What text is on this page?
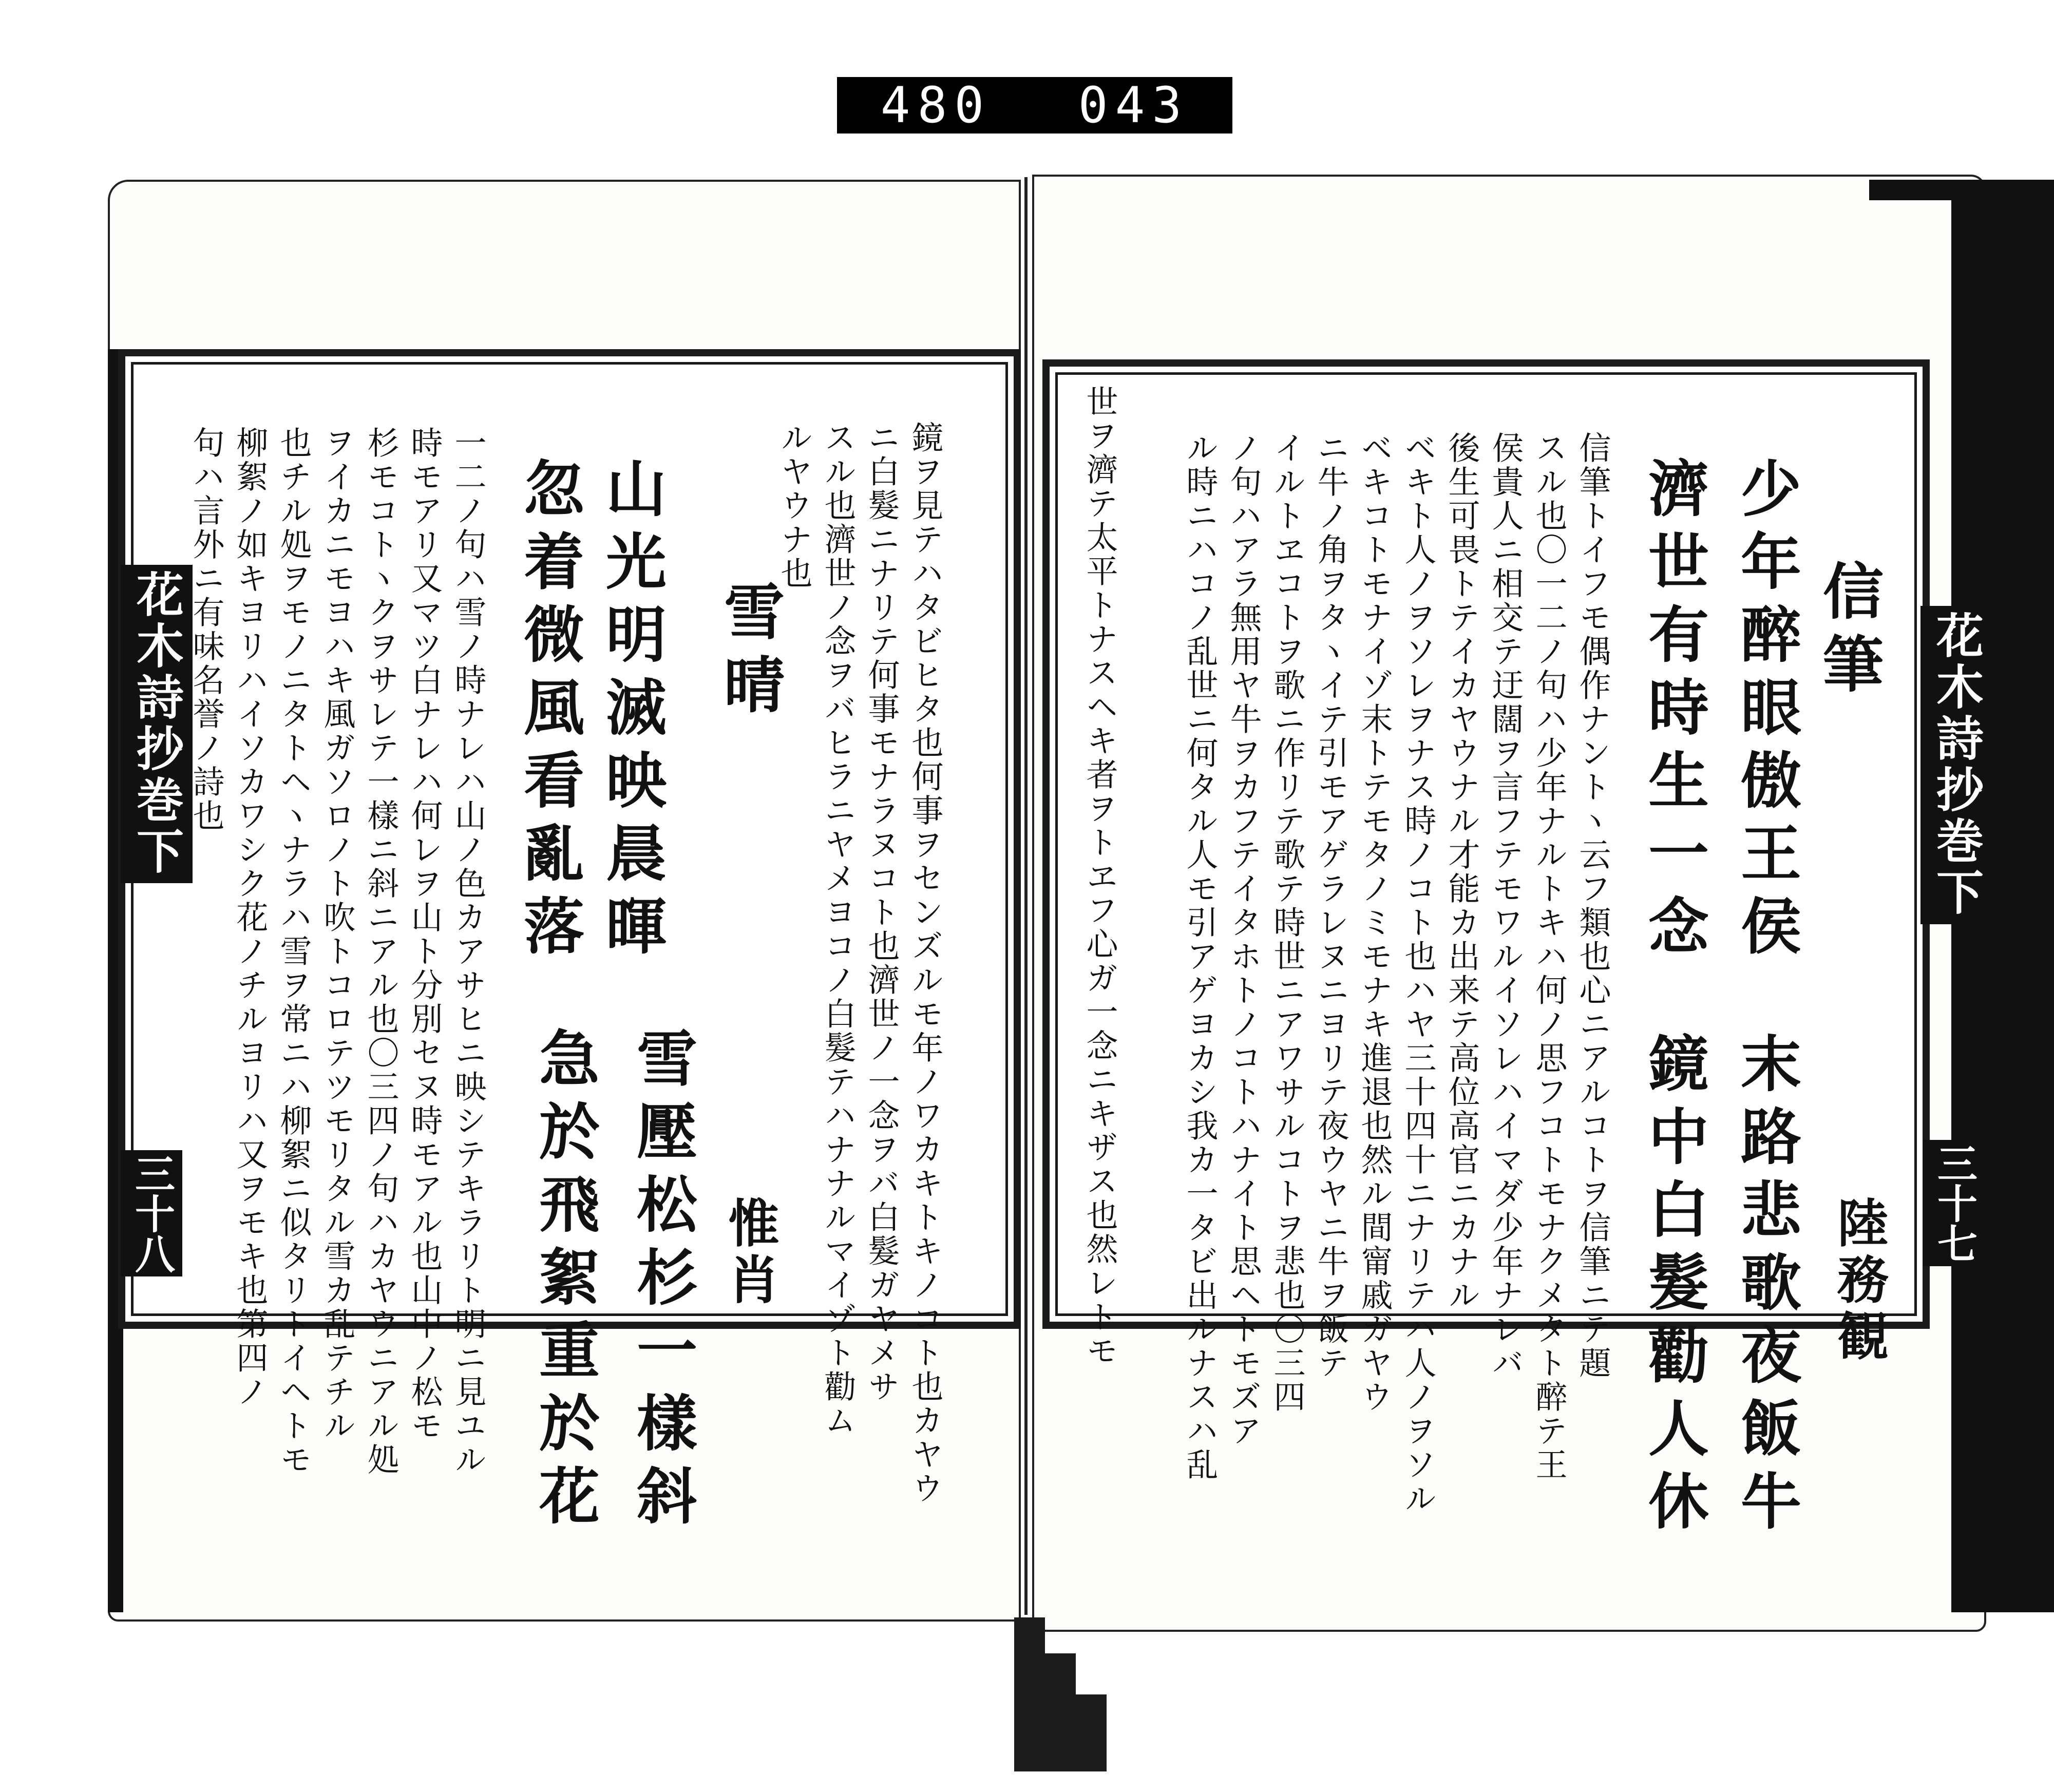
480 043
花木詩抄巻下
三十七
信筆
陸務観
少年醉眼傲王侯
末路悲歌夜飯牛
濟世有時生一念
鏡中白髮勸人休
信筆トイフモ偶作ナントヽ云フ類也心ニアルコトヲ信筆ニテ題
スル也〇一二ノ句ハ少年ナルトキハ何ノ思フコトモナクメタト醉テ王
侯貴人ニ相交テ迂闊ヲ言フテモワルイソレハイマダ少年ナレバ
後生可畏トテイカヤウナル才能カ出来テ高位高官ニカナル
ベキト人ノヲソレヲナス時ノコト也ハヤ三十四十ニナリテハ人ノヲソル
ベキコトモナイゾ末トテモタノミモナキ進退也然ル間甯戚ガヤウ
ニ牛ノ角ヲタヽイテ引モアゲラレヌニヨリテ夜ウヤニ牛ヲ飯テ
イルトヱコトヲ歌ニ作リテ歌テ時世ニアワサルコトヲ悲也〇三四
ノ句ハアラ無用ヤ牛ヲカフテイタホトノコトハナイト思ヘトモズア
ル時ニハコノ乱世ニ何タル人モ引アゲヨカシ我カ一タビ出ルナスハ乱
世ヲ濟テ太平トナスヘキ者ヲトヱフ心ガ一念ニキザス也然レトモ
花木詩抄巻下
三十八	鏡ヲ見テハタビヒタ也何事ヲセンズルモ年ノワカキトキノコト也カヤウ
ニ白髮ニナリテ何事モナラヌコト也濟世ノ一念ヲバ白髮ガヤメサ
スル也濟世ノ念ヲバヒラニヤメヨコノ白髮テハナナルマイゾト勸ム
ルヤウナ也
雪晴
惟肖
山光明滅映晨暉
雪壓松杉一樣斜
忽着微風看亂落
急於飛絮重於花
一二ノ句ハ雪ノ時ナレハ山ノ色カアサヒニ映シテキラリト明ニ見ユル
時モアリ又マツ白ナレハ何レヲ山ト分別セヌ時モアル也山中ノ松モ
杉モコトヽクヲサレテ一樣ニ斜ニアル也〇三四ノ句ハカヤウニアル処
ヲイカニモヨハキ風ガソロノト吹トコロテツモリタル雪カ乱テチル
也チル処ヲモノニタトヘヽナラハ雪ヲ常ニハ柳絮ニ似タリトイヘトモ
柳絮ノ如キヨリハイソカワシク花ノチルヨリハ又ヲモキ也第四ノ
句ハ言外ニ有味名誉ノ詩也
